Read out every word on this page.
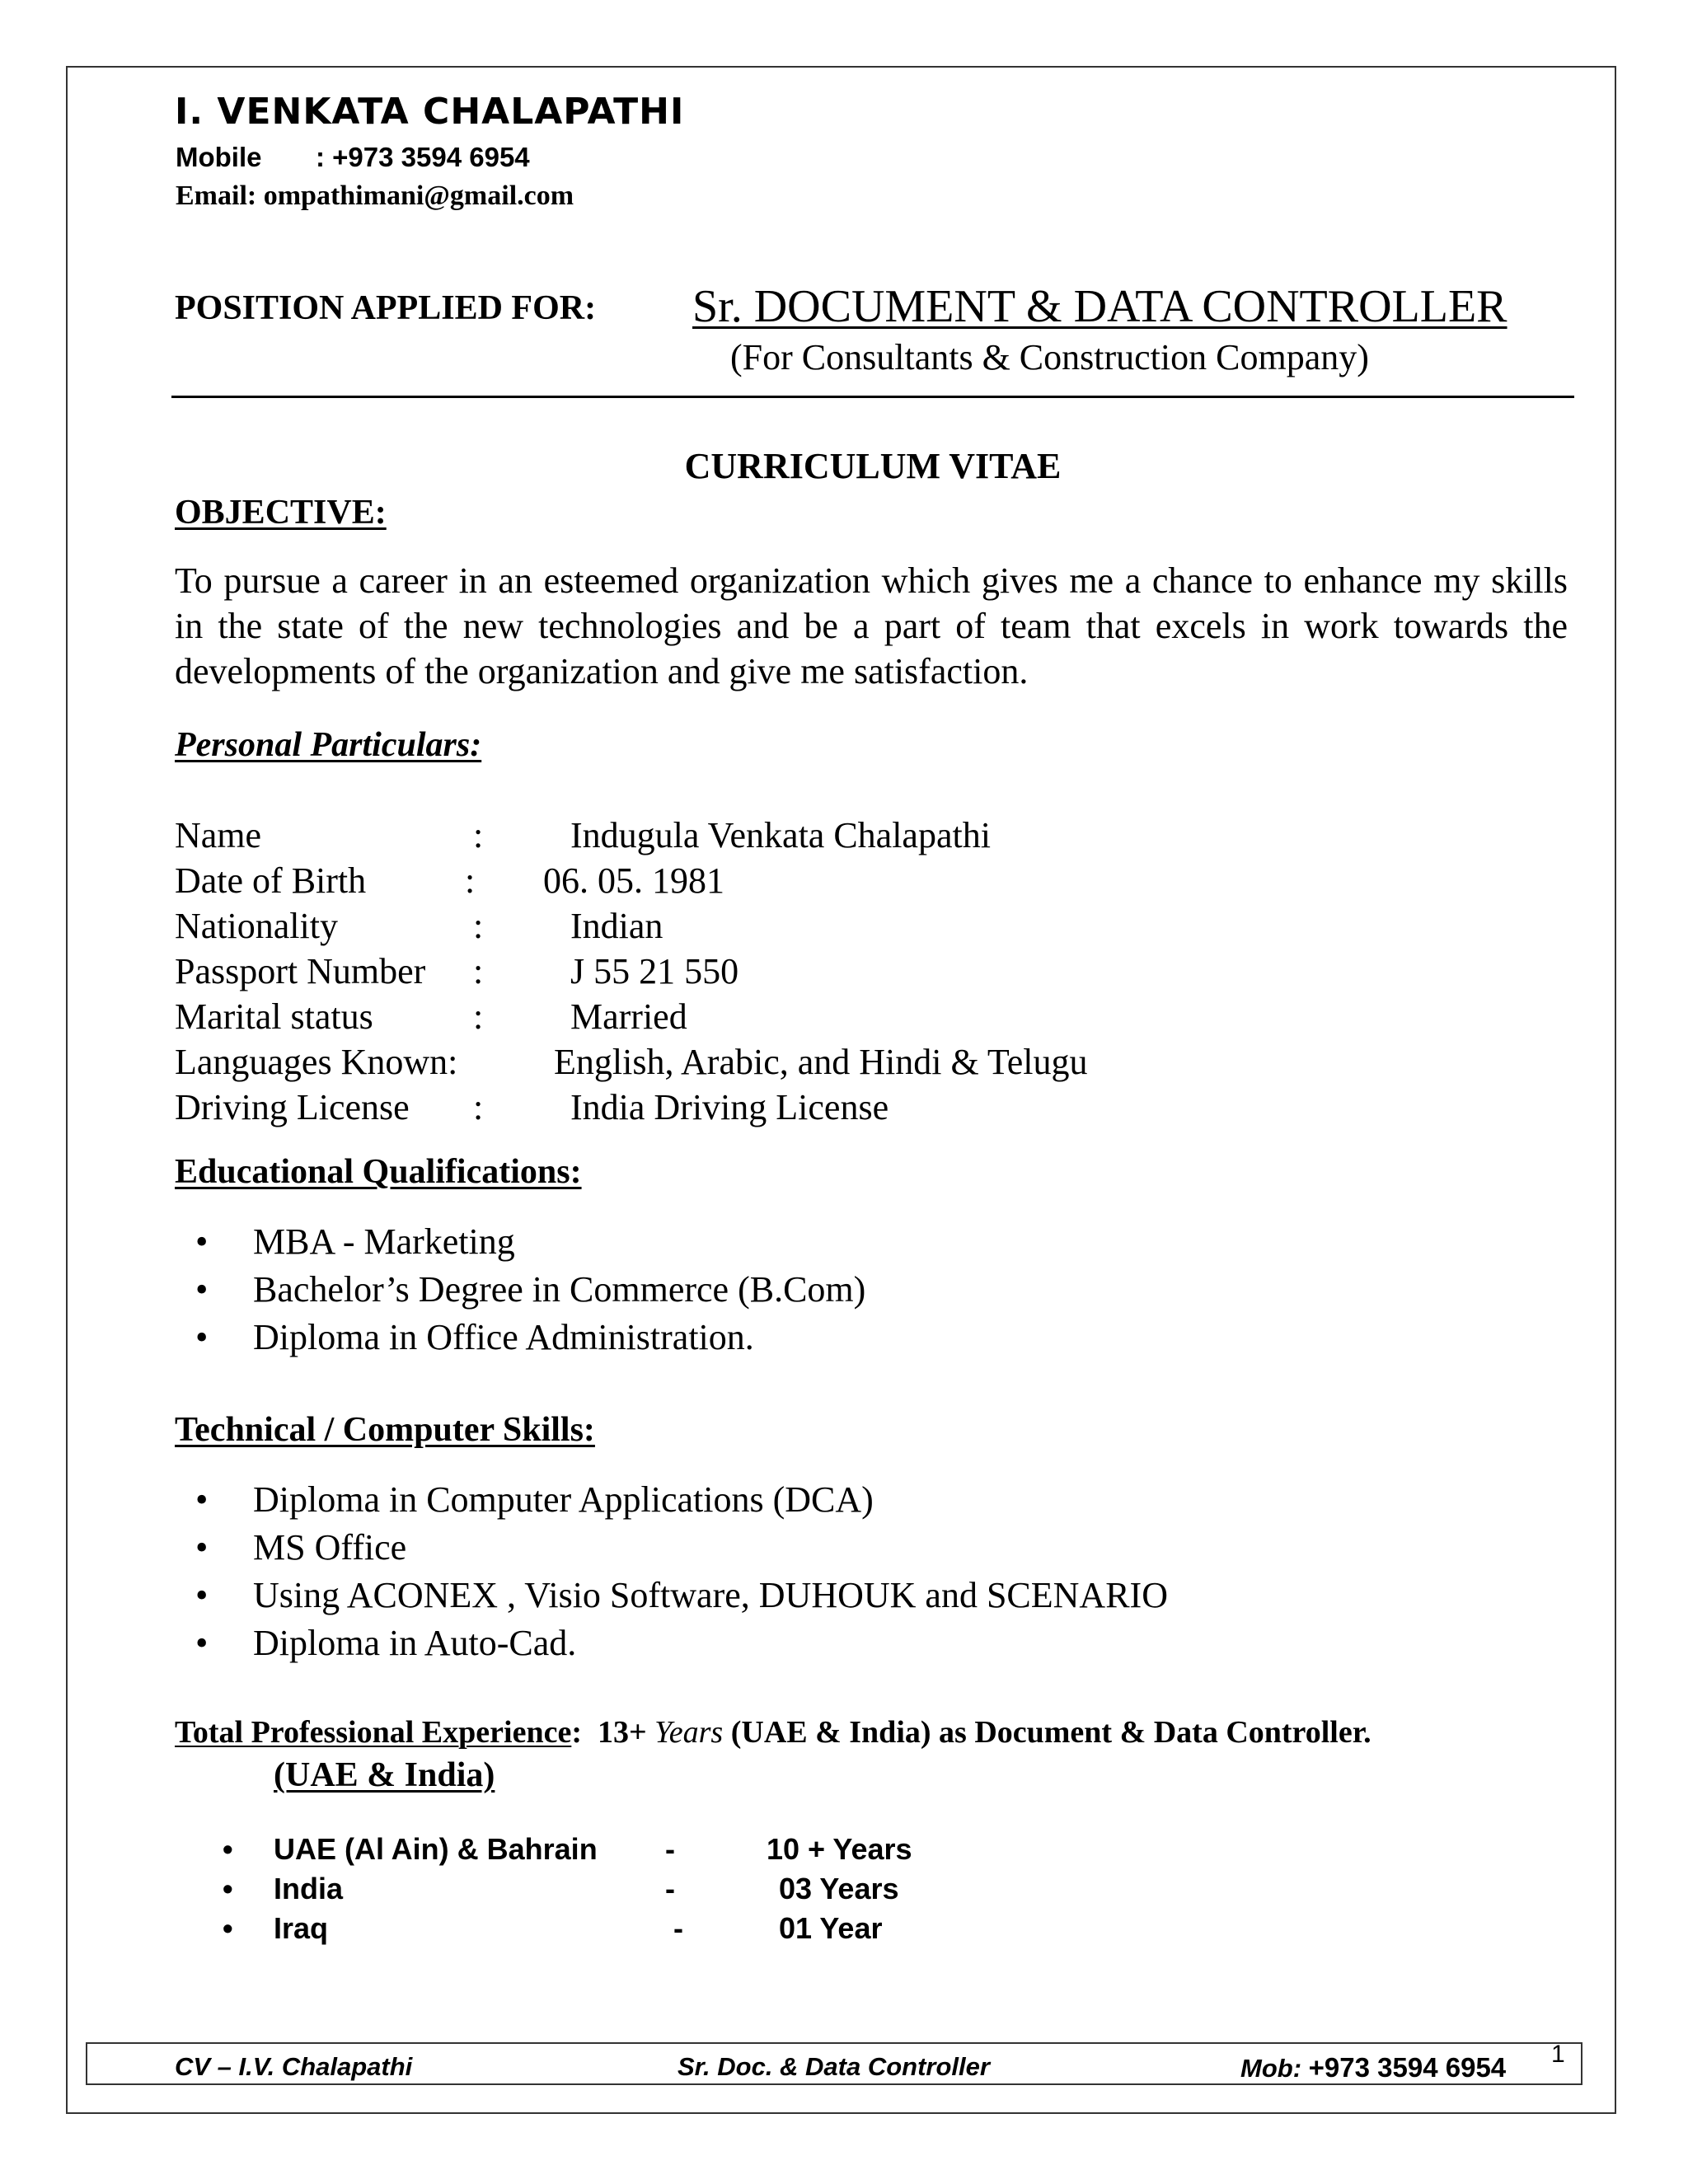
I. VENKATA CHALAPATHI
Mobile : +973 3594 6954
Email: ompathimani@gmail.com
POSITION APPLIED FOR: Sr. DOCUMENT & DATA CONTROLLER
(For Consultants & Construction Company)
CURRICULUM VITAE
OBJECTIVE:
To pursue a career in an esteemed organization which gives me a chance to enhance my skills in the state of the new technologies and be a part of team that excels in work towards the developments of the organization and give me satisfaction.
Personal Particulars:
Name	: Indugula Venkata Chalapathi
Date of Birth	: 06. 05. 1981
Nationality	: Indian
Passport Number : J 55 21 550
Marital status	: Married
Languages Known:	English, Arabic, and Hindi & Telugu
Driving License : India Driving License
Educational Qualifications:
• MBA - Marketing
• Bachelor’s Degree in Commerce (B.Com)
• Diploma in Office Administration.
Technical / Computer Skills:
• Diploma in Computer Applications (DCA)
• MS Office
• Using ACONEX , Visio Software, DUHOUK and SCENARIO
• Diploma in Auto-Cad.
Total Professional Experience: 13+ Years (UAE & India) as Document & Data Controller.
(UAE & India)
• UAE (Al Ain) & Bahrain -	10 + Years
• India	-	03 Years
• Iraq	-	01 Year
CV – I.V. Chalapathi	Sr. Doc. & Data Controller	Mob: +973 3594 6954 1
